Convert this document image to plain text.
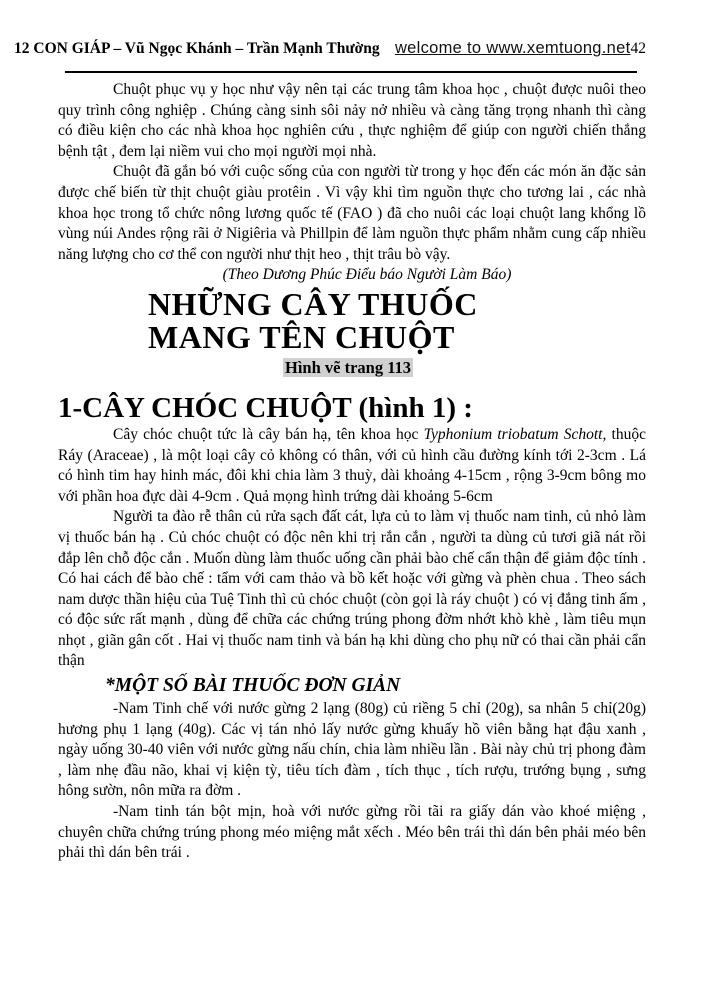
12 CON GIÁP – Vũ Ngọc Khánh – Trần Mạnh Thường welcome to www.xemtuong.net 42

Chuột phục vụ y học như vậy nên tại các trung tâm khoa học , chuột được nuôi theo quy trình công nghiệp . Chúng càng sinh sôi nảy nở nhiều và càng tăng trọng nhanh thì càng có điều kiện cho các nhà khoa học nghiên cứu , thực nghiệm để giúp con người chiến thắng bệnh tật , đem lại niềm vui cho mọi người mọi nhà.

Chuột đã gắn bó với cuộc sống của con người từ trong y học đến các món ăn đặc sản được chế biến từ thịt chuột giàu protêin . Vì vậy khi tìm nguồn thực cho tương lai , các nhà khoa học trong tổ chức nông lương quốc tế (FAO ) đã cho nuôi các loại chuột lang khổng lồ vùng núi Andes rộng rãi ở Nigiêria và Phillpin để làm nguồn thực phẩm nhằm cung cấp nhiều năng lượng cho cơ thể con người như thịt heo , thịt trâu bò vậy.

(Theo Dương Phúc Điểu báo Người Làm Báo)

NHỮNG CÂY THUỐC
MANG TÊN CHUỘT
Hình vẽ trang 113
1-CÂY CHÓC CHUỘT (hình 1) :

Cây chóc chuột tức là cây bán hạ, tên khoa học Typhonium triobatum Schott, thuộc Ráy (Araceae) , là một loại cây cỏ không có thân, với củ hình cầu đường kính tới 2-3cm . Lá có hình tim hay hinh mác, đôi khi chia làm 3 thuỳ, dài khoảng 4-15cm , rộng 3-9cm bông mo với phần hoa đực dài 4-9cm . Quả mọng hình trứng dài khoảng 5-6cm

Người ta đào rễ thân củ rửa sạch đất cát, lựa củ to làm vị thuốc nam tinh, củ nhỏ làm vị thuốc bán hạ . Củ chóc chuột có độc nên khi trị rắn cắn , người ta dùng củ tươi giã nát rồi đắp lên chỗ độc cắn . Muốn dùng làm thuốc uống cần phải bào chế cẩn thận để giảm độc tính . Có hai cách để bào chế : tẩm với cam thảo và bồ kết hoặc với gừng và phèn chua . Theo sách nam dược thần hiệu của Tuệ Tinh thì củ chóc chuột (còn gọi là ráy chuột ) có vị đắng tinh ấm , có độc sức rất mạnh , dùng để chữa các chứng trúng phong đờm nhớt khò khè , làm tiêu mụn nhọt , giãn gân cốt . Hai vị thuốc nam tinh và bán hạ khi dùng cho phụ nữ có thai cần phải cẩn thận

*MỘT SỐ BÀI THUỐC ĐƠN GIẢN

-Nam Tinh chế với nước gừng 2 lạng (80g) củ riềng 5 chỉ (20g), sa nhân 5 chỉ(20g) hương phụ 1 lạng (40g). Các vị tán nhỏ lấy nước gừng khuấy hồ viên bằng hạt đậu xanh , ngày uống 30-40 viên với nước gừng nấu chín, chia làm nhiều lần . Bài này chủ trị phong đàm , làm nhẹ đầu não, khai vị kiện tỳ, tiêu tích đàm , tích thục , tích rượu, trướng bụng , sưng hông sườn, nôn mữa ra đờm .

-Nam tinh tán bột mịn, hoà với nước gừng rồi tãi ra giấy dán vào khoé miệng , chuyên chữa chứng trúng phong méo miệng mắt xếch . Méo bên trái thì dán bên phải méo bên phải thì dán bên trái .
